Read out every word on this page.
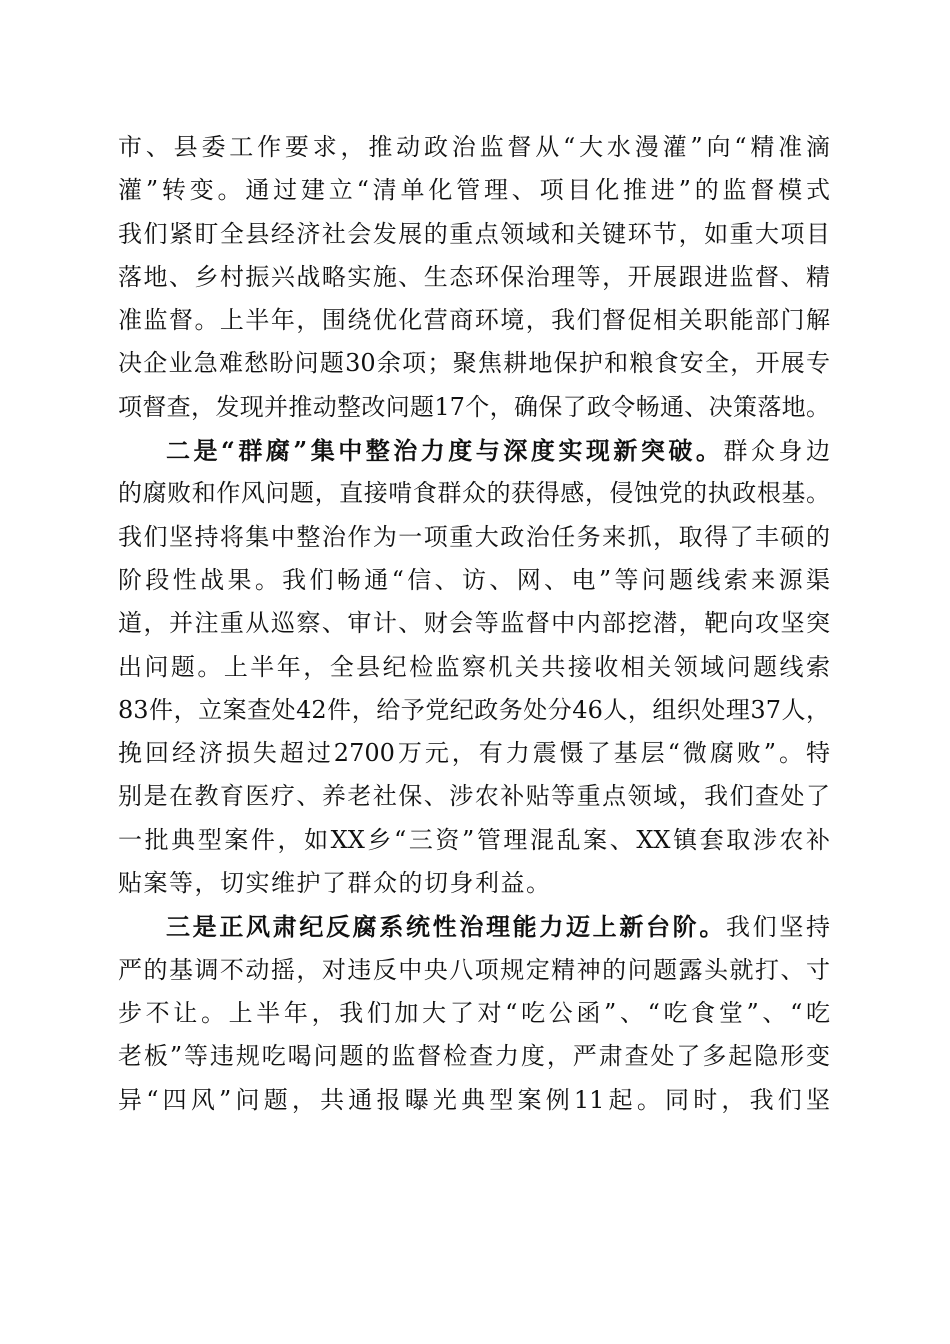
市、县委工作要求，推动政治监督从“大水漫灌”向“精准滴
灌”转变。通过建立“清单化管理、项目化推进”的监督模式
我们紧盯全县经济社会发展的重点领域和关键环节，如重大项目
落地、乡村振兴战略实施、生态环保治理等，开展跟进监督、精
准监督。上半年，围绕优化营商环境，我们督促相关职能部门解
决企业急难愁盼问题30余项；聚焦耕地保护和粮食安全，开展专
项督查，发现并推动整改问题17个，确保了政令畅通、决策落地。
二是“群腐”集中整治力度与深度实现新突破。群众身边
的腐败和作风问题，直接啃食群众的获得感，侵蚀党的执政根基。
我们坚持将集中整治作为一项重大政治任务来抓，取得了丰硕的
阶段性战果。我们畅通“信、访、网、电”等问题线索来源渠
道，并注重从巡察、审计、财会等监督中内部挖潜，靶向攻坚突
出问题。上半年，全县纪检监察机关共接收相关领域问题线索
83件，立案查处42件，给予党纪政务处分46人，组织处理37人，
挽回经济损失超过2700万元，有力震慑了基层“微腐败”。特
别是在教育医疗、养老社保、涉农补贴等重点领域，我们查处了
一批典型案件，如XX乡“三资”管理混乱案、XX镇套取涉农补
贴案等，切实维护了群众的切身利益。
三是正风肃纪反腐系统性治理能力迈上新台阶。我们坚持
严的基调不动摇，对违反中央八项规定精神的问题露头就打、寸
步不让。上半年，我们加大了对“吃公函”、“吃食堂”、“吃
老板”等违规吃喝问题的监督检查力度，严肃查处了多起隐形变
异“四风”问题，共通报曝光典型案例11起。同时，我们坚
